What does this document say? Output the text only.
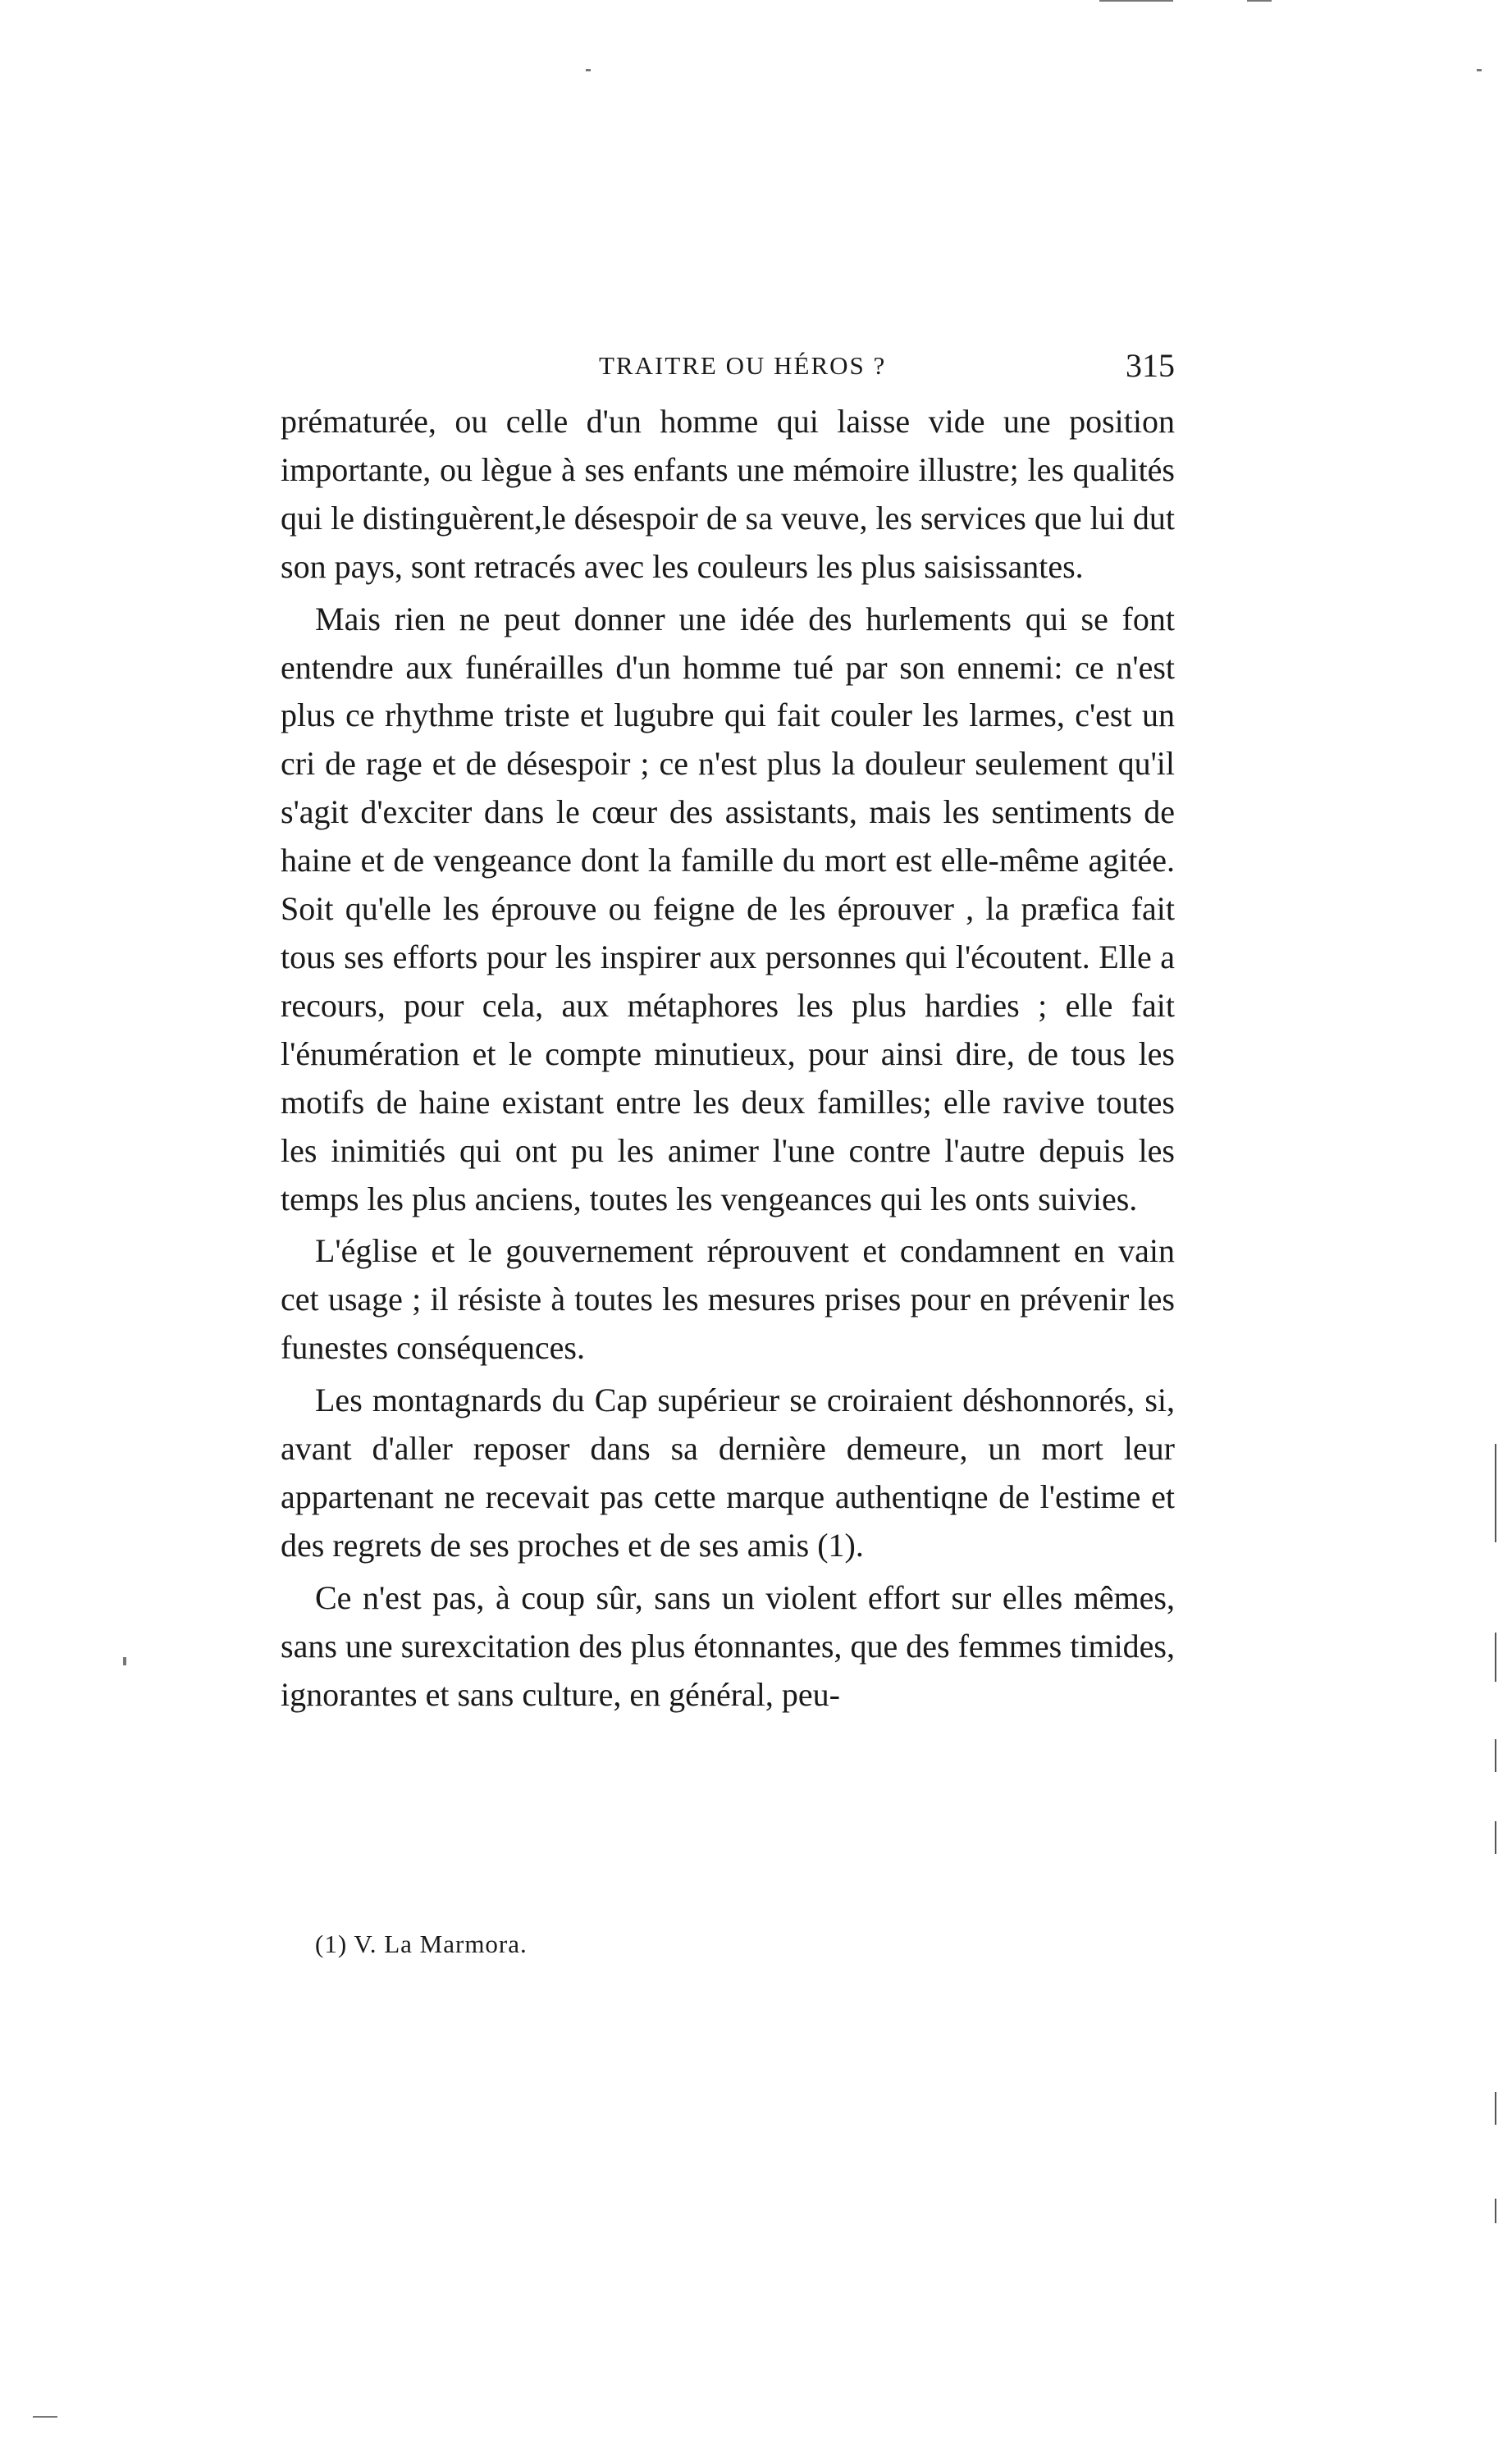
TRAITRE OU HÉROS ?	315

prématurée, ou celle d'un homme qui laisse vide une position importante, ou lègue à ses enfants une mémoire illustre; les qualités qui le distinguèrent,le désespoir de sa veuve, les services que lui dut son pays, sont retracés avec les couleurs les plus saisissantes.

Mais rien ne peut donner une idée des hurlements qui se font entendre aux funérailles d'un homme tué par son ennemi: ce n'est plus ce rhythme triste et lugubre qui fait couler les larmes, c'est un cri de rage et de désespoir ; ce n'est plus la douleur seulement qu'il s'agit d'exciter dans le cœur des assistants, mais les sentiments de haine et de vengeance dont la famille du mort est elle-même agitée. Soit qu'elle les éprouve ou feigne de les éprouver , la præfica fait tous ses efforts pour les inspirer aux personnes qui l'écoutent. Elle a recours, pour cela, aux métaphores les plus hardies ; elle fait l'énumération et le compte minutieux, pour ainsi dire, de tous les motifs de haine existant entre les deux familles; elle ravive toutes les inimitiés qui ont pu les animer l'une contre l'autre depuis les temps les plus anciens, toutes les vengeances qui les onts suivies.

L'église et le gouvernement réprouvent et condamnent en vain cet usage ; il résiste à toutes les mesures prises pour en prévenir les funestes conséquences.

Les montagnards du Cap supérieur se croiraient déshonnorés, si, avant d'aller reposer dans sa dernière demeure, un mort leur appartenant ne recevait pas cette marque authentiqne de l'estime et des regrets de ses proches et de ses amis (1).

Ce n'est pas, à coup sûr, sans un violent effort sur elles mêmes, sans une surexcitation des plus étonnantes, que des femmes timides, ignorantes et sans culture, en général, peu-

(1) V. La Marmora.
